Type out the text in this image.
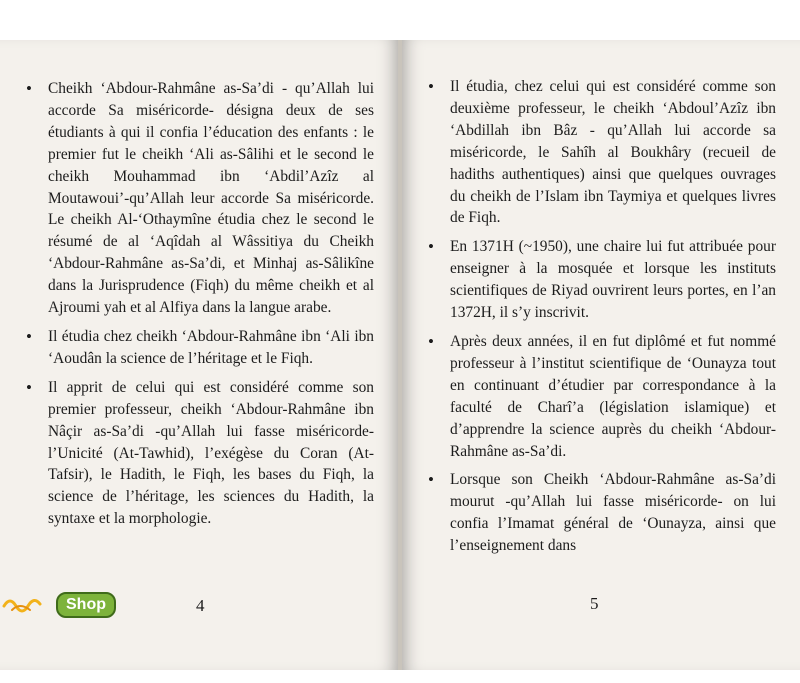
• Cheikh ‘Abdour-Rahmâne as-Sa’di - qu’Allah lui accorde Sa miséricorde- désigna deux de ses étudiants à qui il confia l’éducation des enfants : le premier fut le cheikh ‘Ali as-Sâlihi et le second le cheikh Mouhammad ibn ‘Abdil’Azîz al Moutawoui’-qu’Allah leur accorde Sa miséricorde. Le cheikh Al-‘Othaymîne étudia chez le second le résumé de al ‘Aqîdah al Wâssitiya du Cheikh ‘Abdour-Rahmâne as-Sa’di, et Minhaj as-Sâlikîne dans la Jurisprudence (Fiqh) du même cheikh et al Ajroumi yah et al Alfiya dans la langue arabe.
• Il étudia chez cheikh ‘Abdour-Rahmâne ibn ‘Ali ibn ‘Aoudân la science de l’héritage et le Fiqh.
• Il apprit de celui qui est considéré comme son premier professeur, cheikh ‘Abdour-Rahmâne ibn Nâçir as-Sa’di -qu’Allah lui fasse miséricorde- l’Unicité (At-Tawhid), l’exégèse du Coran (At-Tafsir), le Hadith, le Fiqh, les bases du Fiqh, la science de l’héritage, les sciences du Hadith, la syntaxe et la morphologie.
4
• Il étudia, chez celui qui est considéré comme son deuxième professeur, le cheikh ‘Abdoul’Azîz ibn ‘Abdillah ibn Bâz - qu’Allah lui accorde sa miséricorde, le Sahîh al Boukhâry (recueil de hadiths authentiques) ainsi que quelques ouvrages du cheikh de l’Islam ibn Taymiya et quelques livres de Fiqh.
• En 1371H (~1950), une chaire lui fut attribuée pour enseigner à la mosquée et lorsque les instituts scientifiques de Riyad ouvrirent leurs portes, en l’an 1372H, il s’y inscrivit.
• Après deux années, il en fut diplômé et fut nommé professeur à l’institut scientifique de ‘Ounayza tout en continuant d’étudier par correspondance à la faculté de Charî’a (législation islamique) et d’apprendre la science auprès du cheikh ‘Abdour-Rahmâne as-Sa’di.
• Lorsque son Cheikh ‘Abdour-Rahmâne as-Sa’di mourut -qu’Allah lui fasse miséricorde- on lui confia l’Imamat général de ‘Ounayza, ainsi que l’enseignement dans
5
Shop
